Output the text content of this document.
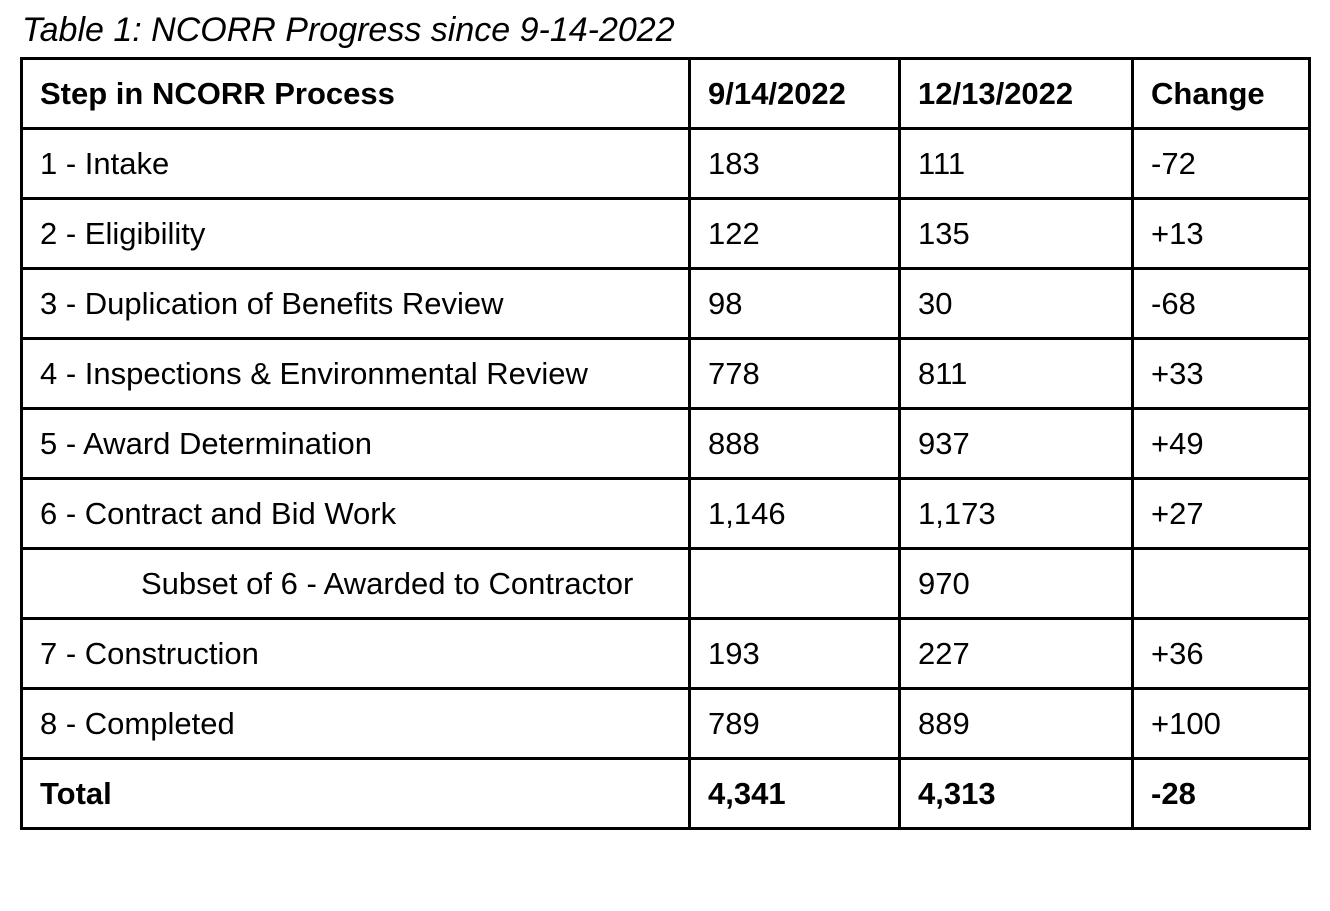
Table 1: NCORR Progress since 9-14-2022
Step in NCORR Process	9/14/2022	12/13/2022	Change
1 - Intake	183	111	-72
2 - Eligibility	122	135	+13
3 - Duplication of Benefits Review	98	30	-68
4 - Inspections & Environmental Review	778	811	+33
5 - Award Determination	888	937	+49
6 - Contract and Bid Work	1,146	1,173	+27
Subset of 6 - Awarded to Contractor		970	
7 - Construction	193	227	+36
8 - Completed	789	889	+100
Total	4,341	4,313	-28
